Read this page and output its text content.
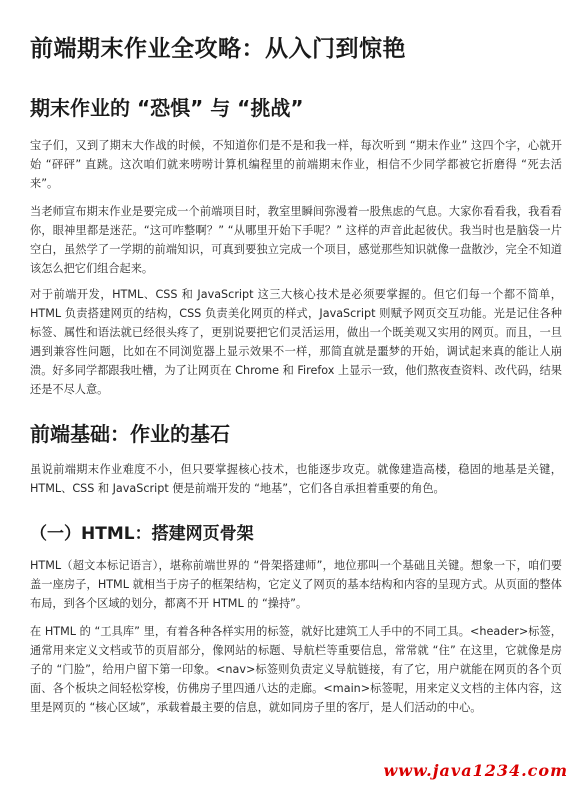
前端期末作业全攻略：从入门到惊艳
期末作业的 “恐惧” 与 “挑战”

宝子们，又到了期末大作战的时候，不知道你们是不是和我一样，每次听到 “期末作业” 这四个字，心就开始 “砰砰” 直跳。这次咱们就来唠唠计算机编程里的前端期末作业，相信不少同学都被它折磨得 “死去活来”。

当老师宣布期末作业是要完成一个前端项目时，教室里瞬间弥漫着一股焦虑的气息。大家你看看我，我看看你，眼神里都是迷茫。“这可咋整啊？” “从哪里开始下手呢？” 这样的声音此起彼伏。我当时也是脑袋一片空白，虽然学了一学期的前端知识，可真到要独立完成一个项目，感觉那些知识就像一盘散沙，完全不知道该怎么把它们组合起来。

对于前端开发，HTML、CSS 和 JavaScript 这三大核心技术是必须要掌握的。但它们每一个都不简单，HTML 负责搭建网页的结构，CSS 负责美化网页的样式，JavaScript 则赋予网页交互功能。光是记住各种标签、属性和语法就已经很头疼了，更别说要把它们灵活运用，做出一个既美观又实用的网页。而且，一旦遇到兼容性问题，比如在不同浏览器上显示效果不一样，那简直就是噩梦的开始，调试起来真的能让人崩溃。好多同学都跟我吐槽，为了让网页在 Chrome 和 Firefox 上显示一致，他们熬夜查资料、改代码，结果还是不尽人意。

前端基础：作业的基石

虽说前端期末作业难度不小，但只要掌握核心技术，也能逐步攻克。就像建造高楼，稳固的地基是关键，HTML、CSS 和 JavaScript 便是前端开发的 “地基”，它们各自承担着重要的角色。

（一）HTML：搭建网页骨架

HTML（超文本标记语言），堪称前端世界的 “骨架搭建师”，地位那叫一个基础且关键。想象一下，咱们要盖一座房子，HTML 就相当于房子的框架结构，它定义了网页的基本结构和内容的呈现方式。从页面的整体布局，到各个区域的划分，都离不开 HTML 的 “操持”。

在 HTML 的 “工具库” 里，有着各种各样实用的标签，就好比建筑工人手中的不同工具。<header>标签，通常用来定义文档或节的页眉部分，像网站的标题、导航栏等重要信息，常常就 “住” 在这里，它就像是房子的 “门脸”，给用户留下第一印象。<nav>标签则负责定义导航链接，有了它，用户就能在网页的各个页面、各个板块之间轻松穿梭，仿佛房子里四通八达的走廊。<main>标签呢，用来定义文档的主体内容，这里是网页的 “核心区域”，承载着最主要的信息，就如同房子里的客厅，是人们活动的中心。

www.java1234.com
